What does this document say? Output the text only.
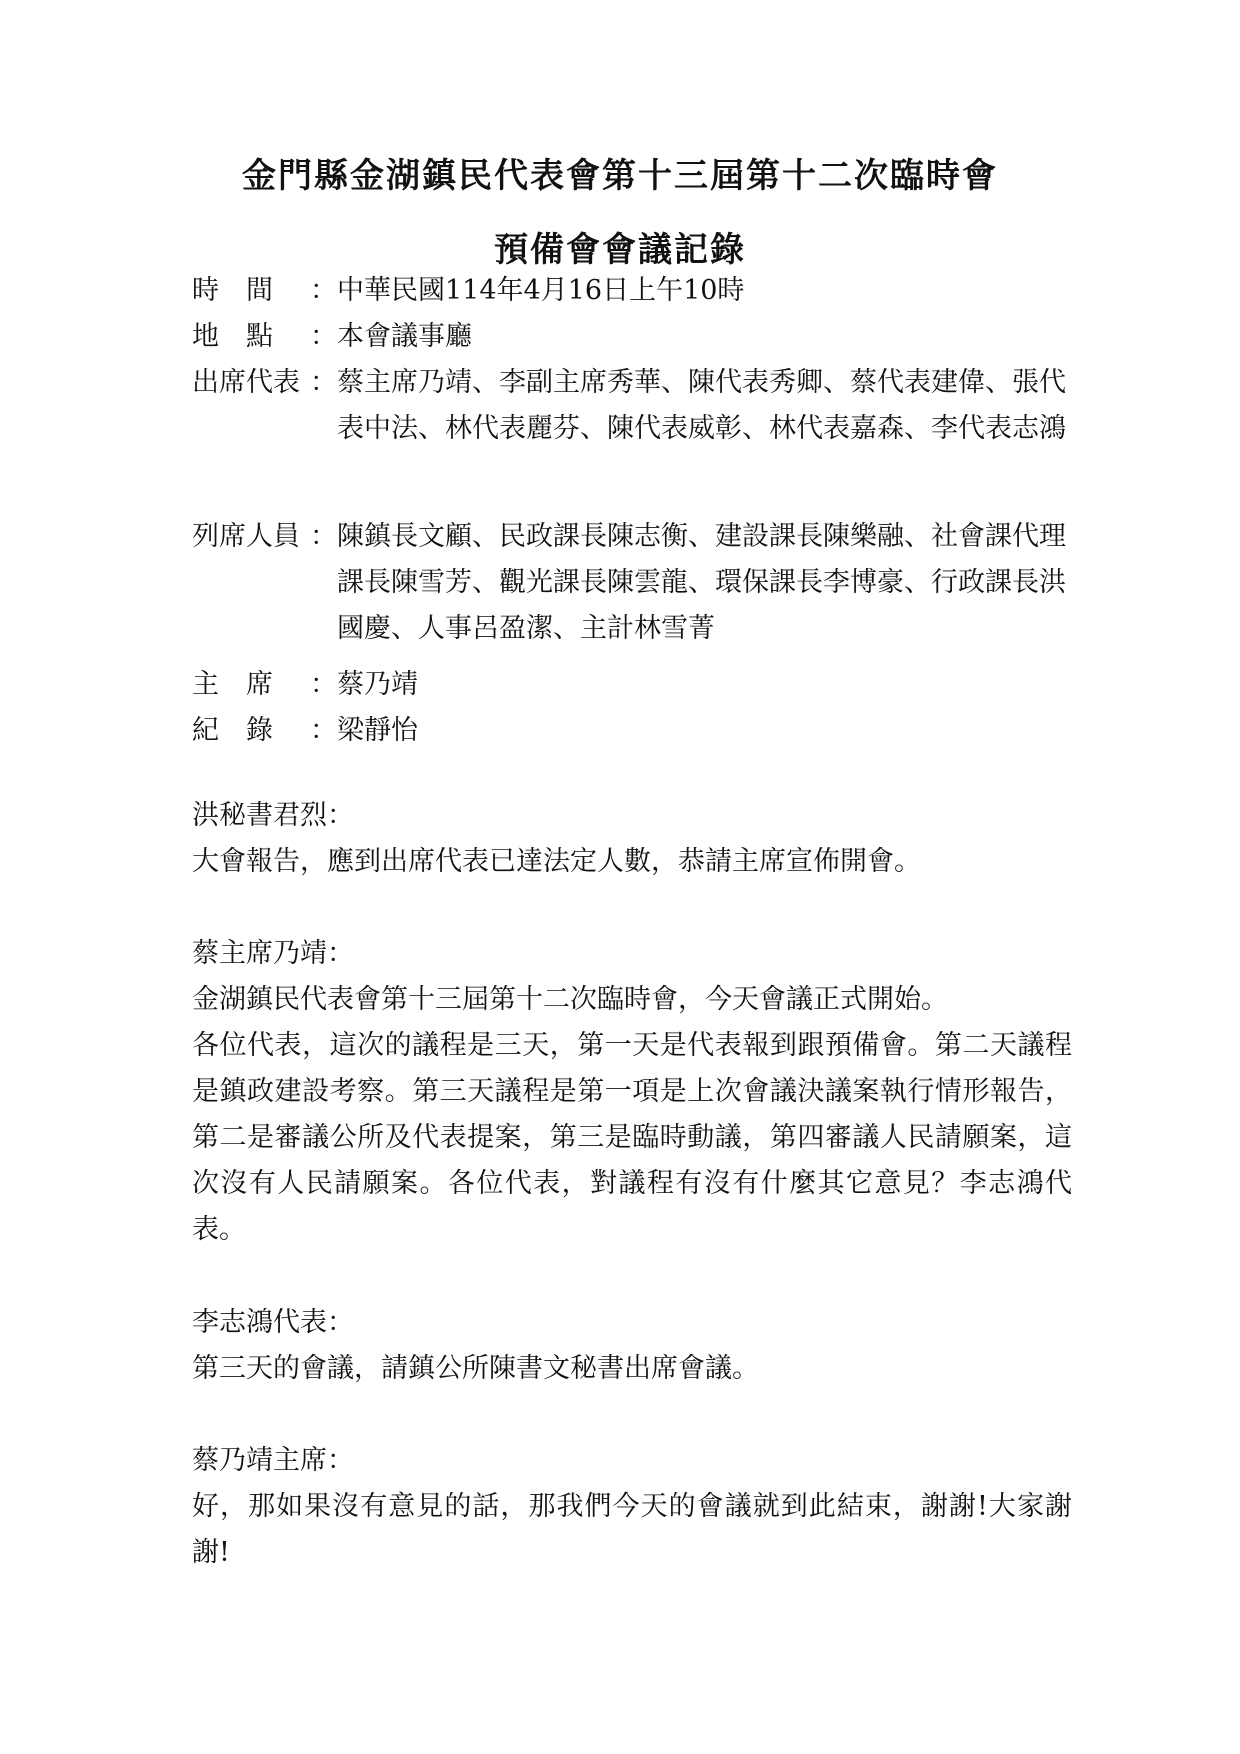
金門縣金湖鎮民代表會第十三屆第十二次臨時會
預備會會議記錄
時　間	： 中華民國114年4月16日上午10時
地　點	： 本會議事廳
出席代表 ： 蔡主席乃靖、李副主席秀華、陳代表秀卿、蔡代表建偉、張代表中法、林代表麗芬、陳代表威彰、林代表嘉森、李代表志鴻
列席人員 ： 陳鎮長文顧、民政課長陳志衡、建設課長陳樂融、社會課代理課長陳雪芳、觀光課長陳雲龍、環保課長李博豪、行政課長洪國慶、人事呂盈潔、主計林雪菁
主　席	： 蔡乃靖
紀　錄	： 梁靜怡

洪秘書君烈：

大會報告，應到出席代表已達法定人數，恭請主席宣佈開會。

蔡主席乃靖：

金湖鎮民代表會第十三屆第十二次臨時會，今天會議正式開始。

各位代表，這次的議程是三天，第一天是代表報到跟預備會。第二天議程是鎮政建設考察。第三天議程是第一項是上次會議決議案執行情形報告，第二是審議公所及代表提案，第三是臨時動議，第四審議人民請願案，這次沒有人民請願案。各位代表，對議程有沒有什麼其它意見？李志鴻代表。

李志鴻代表：

第三天的會議，請鎮公所陳書文秘書出席會議。

蔡乃靖主席：

好，那如果沒有意見的話，那我們今天的會議就到此結束，謝謝!大家謝謝!
